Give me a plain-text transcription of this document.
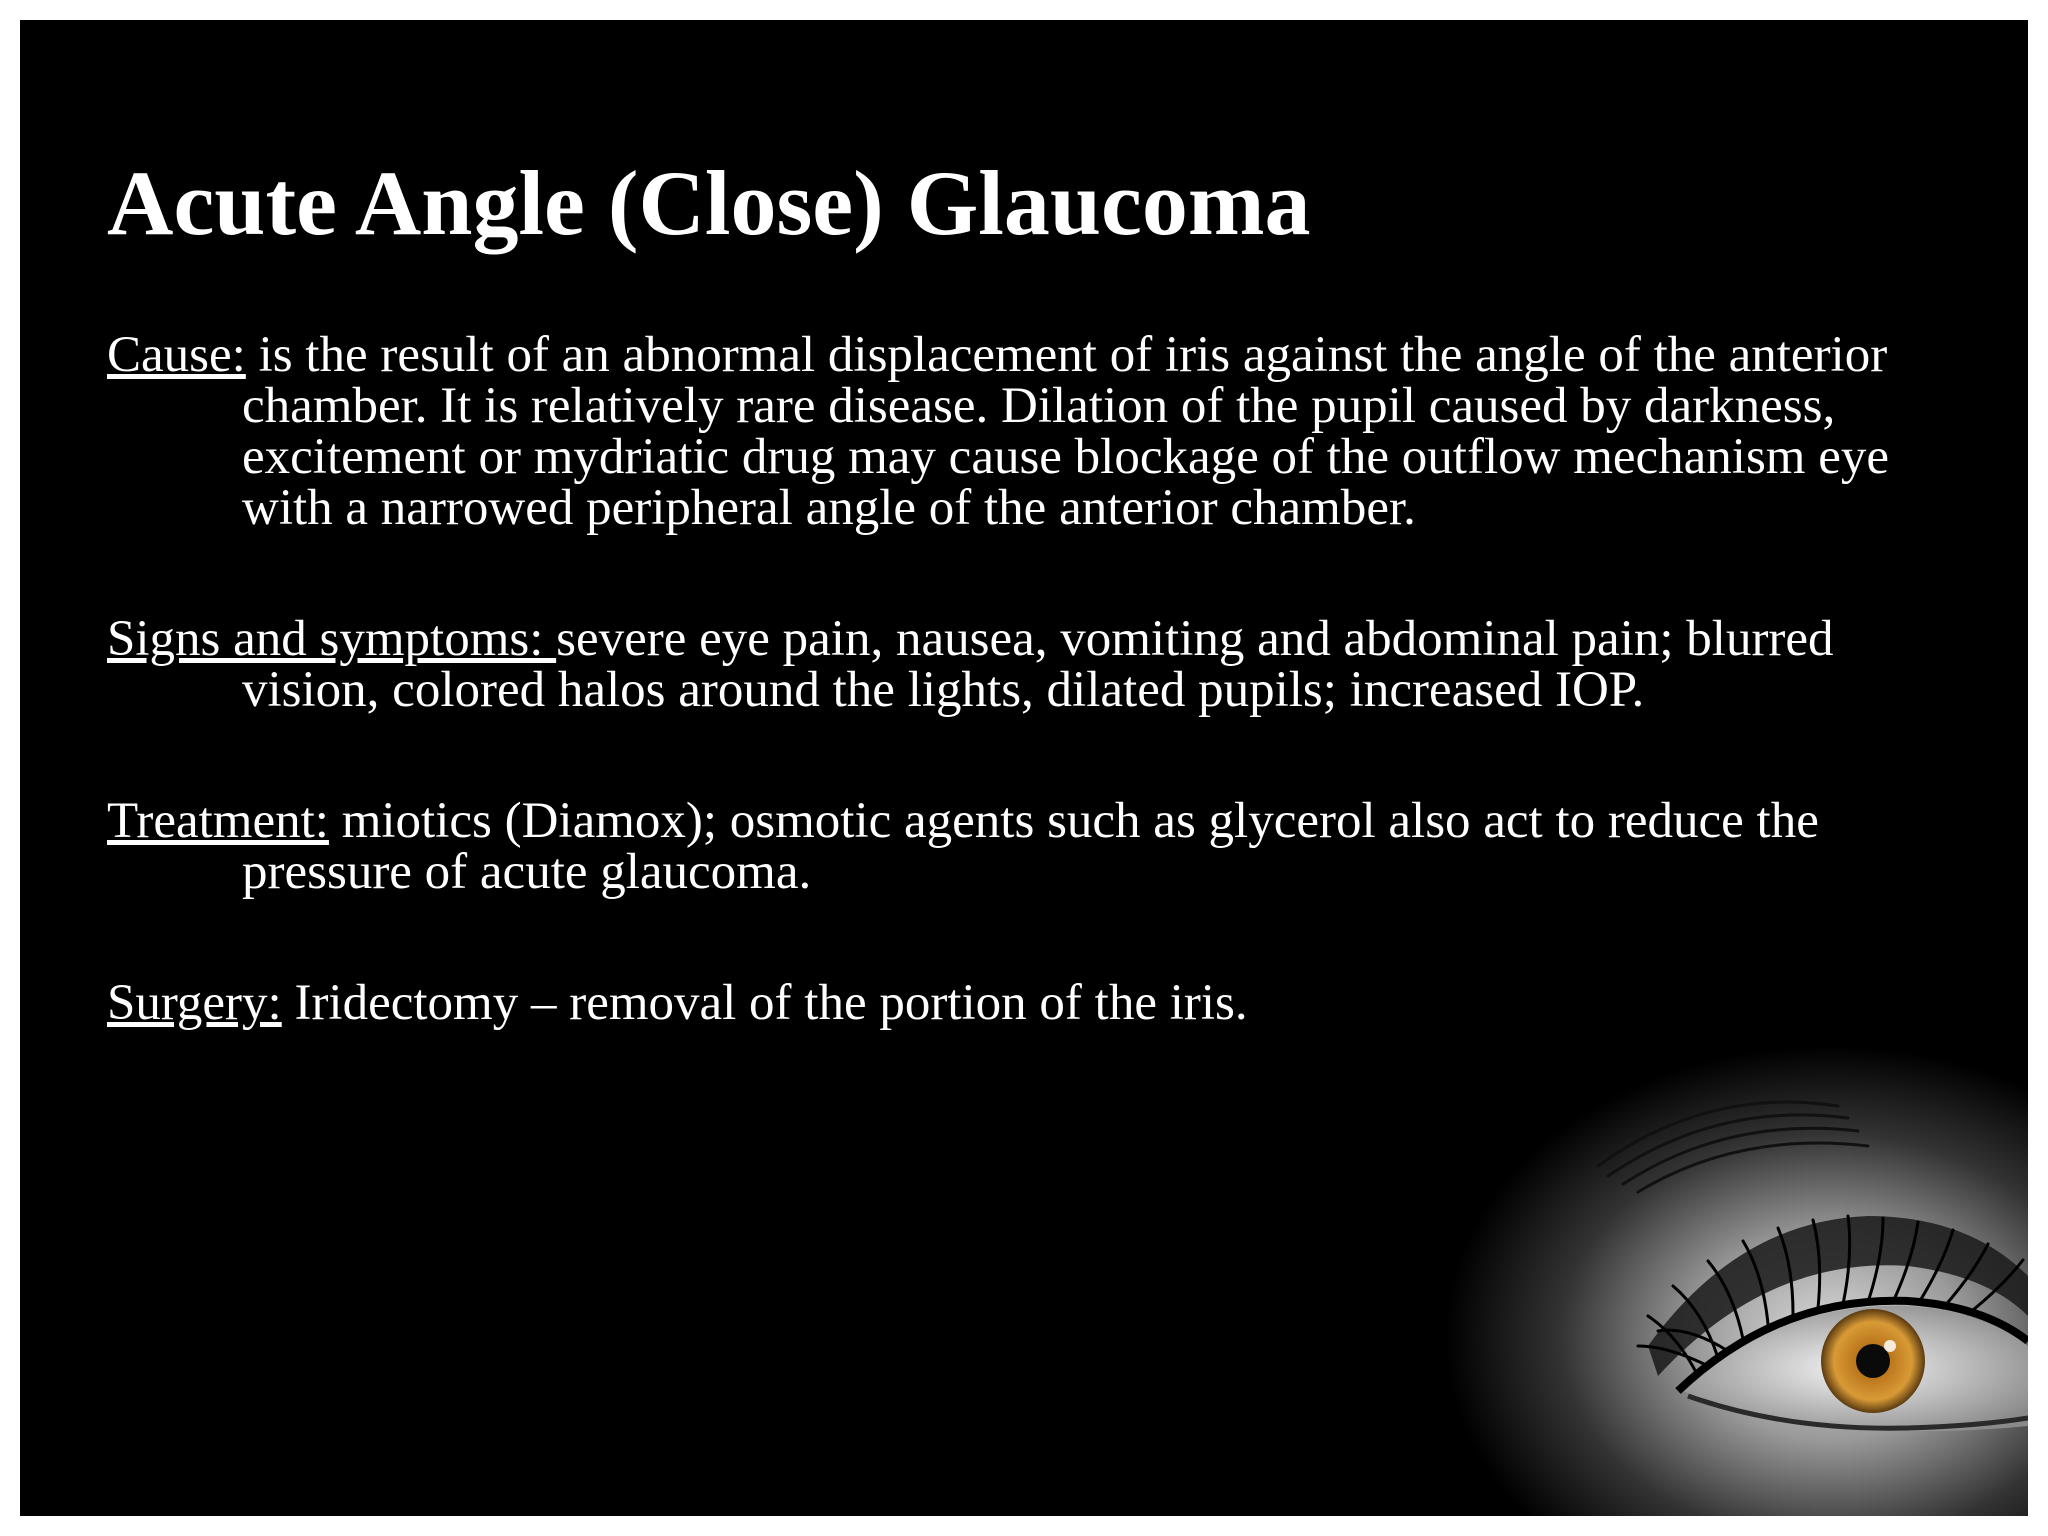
Acute Angle (Close) Glaucoma

Cause: is the result of an abnormal displacement of iris against the angle of the anterior chamber. It is relatively rare disease. Dilation of the pupil caused by darkness, excitement or mydriatic drug may cause blockage of the outflow mechanism eye with a narrowed peripheral angle of the anterior chamber.

Signs and symptoms: severe eye pain, nausea, vomiting and abdominal pain; blurred vision, colored halos around the lights, dilated pupils; increased IOP.

Treatment: miotics (Diamox); osmotic agents such as glycerol also act to reduce the pressure of acute glaucoma.

Surgery: Iridectomy – removal of the portion of the iris.
